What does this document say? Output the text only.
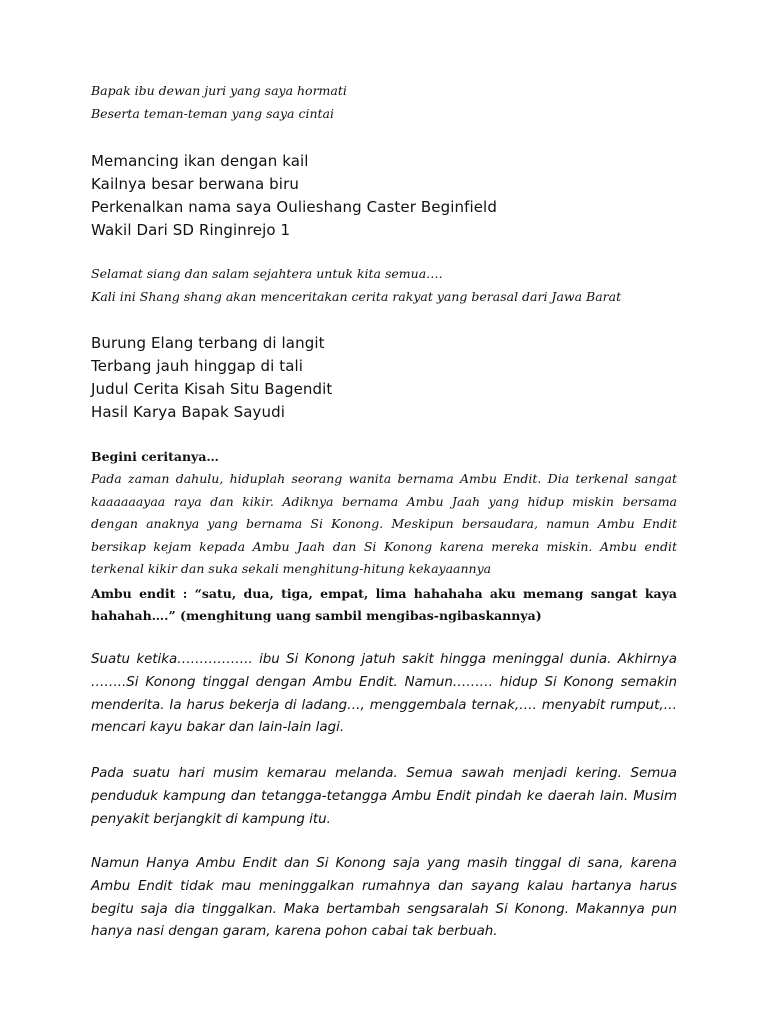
Bapak ibu dewan juri yang saya hormati

Beserta teman-teman yang saya cintai

Memancing ikan dengan kail

Kailnya besar berwana biru

Perkenalkan nama saya Oulieshang Caster Beginfield

Wakil Dari SD Ringinrejo 1

Selamat siang dan salam sejahtera untuk kita semua….

Kali ini Shang shang akan menceritakan cerita rakyat yang berasal dari Jawa Barat

Burung Elang terbang di langit

Terbang jauh hinggap di tali

Judul Cerita Kisah Situ Bagendit

Hasil Karya Bapak Sayudi

Begini ceritanya…

Pada zaman dahulu, hiduplah seorang wanita bernama Ambu Endit. Dia terkenal sangat kaaaaaayaa raya dan kikir. Adiknya bernama Ambu Jaah yang hidup miskin bersama dengan anaknya yang bernama Si Konong. Meskipun bersaudara, namun Ambu Endit bersikap kejam kepada Ambu Jaah dan Si Konong karena mereka miskin. Ambu endit terkenal kikir dan suka sekali menghitung-hitung kekayaannya

Ambu endit : “satu, dua, tiga, empat, lima hahahaha aku memang sangat kaya hahahah….” (menghitung uang sambil mengibas-ngibaskannya)

Suatu ketika…………….. ibu Si Konong jatuh sakit hingga meninggal dunia. Akhirnya ……..Si Konong tinggal dengan Ambu Endit. Namun……… hidup Si Konong semakin menderita. Ia harus bekerja di ladang…, menggembala ternak,…. menyabit rumput,… mencari kayu bakar dan lain-lain lagi.

Pada suatu hari musim kemarau melanda. Semua sawah menjadi kering. Semua penduduk kampung dan tetangga-tetangga Ambu Endit pindah ke daerah lain. Musim penyakit berjangkit di kampung itu.

Namun Hanya Ambu Endit dan Si Konong saja yang masih tinggal di sana, karena Ambu Endit tidak mau meninggalkan rumahnya dan sayang kalau hartanya harus begitu saja dia tinggalkan. Maka bertambah sengsaralah Si Konong. Makannya pun hanya nasi dengan garam, karena pohon cabai tak berbuah.
